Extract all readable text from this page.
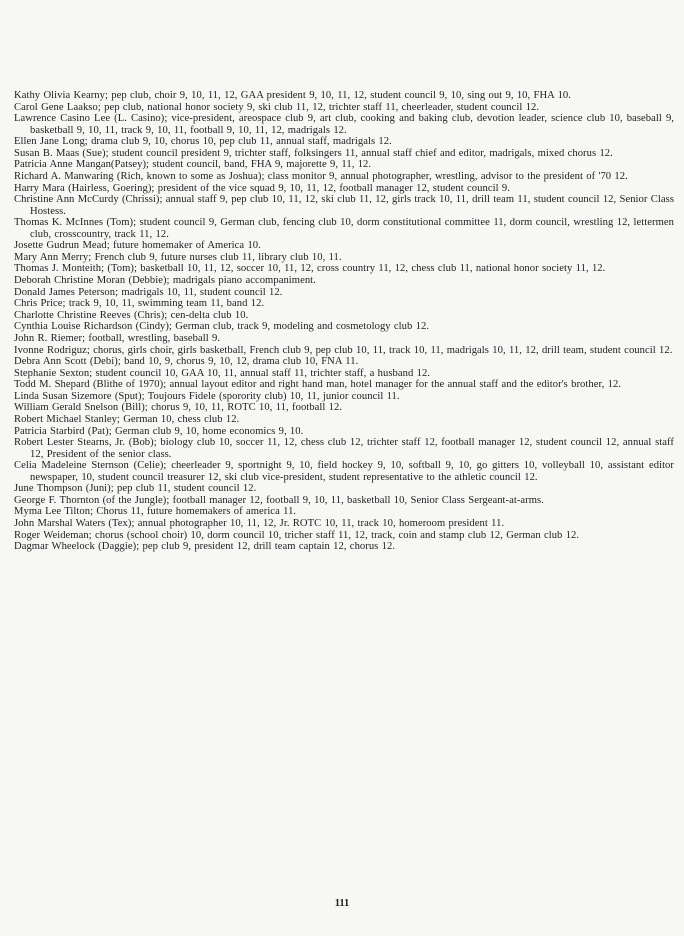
Kathy Olivia Kearny; pep club, choir 9, 10, 11, 12, GAA president 9, 10, 11, 12, student council 9, 10, sing out 9, 10, FHA 10.
Carol Gene Laakso; pep club, national honor society 9, ski club 11, 12, trichter staff 11, cheerleader, student council 12.
Lawrence Casino Lee (L. Casino); vice-president, areospace club 9, art club, cooking and baking club, devotion leader, science club 10, baseball 9, basketball 9, 10, 11, track 9, 10, 11, football 9, 10, 11, 12, madrigals 12.
Ellen Jane Long; drama club 9, 10, chorus 10, pep club 11, annual staff, madrigals 12.
Susan B. Maas (Sue); student council president 9, trichter staff, folksingers 11, annual staff chief and editor, madrigals, mixed chorus 12.
Patricia Anne Mangan(Patsey); student council, band, FHA 9, majorette 9, 11, 12.
Richard A. Manwaring (Rich, known to some as Joshua); class monitor 9, annual photographer, wrestling, advisor to the president of '70 12.
Harry Mara (Hairless, Goering); president of the vice squad 9, 10, 11, 12, football manager 12, student council 9.
Christine Ann McCurdy (Chrissi); annual staff 9, pep club 10, 11, 12, ski club 11, 12, girls track 10, 11, drill team 11, student council 12, Senior Class Hostess.
Thomas K. McInnes (Tom); student council 9, German club, fencing club 10, dorm constitutional committee 11, dorm council, wrestling 12, lettermen club, crosscountry, track 11, 12.
Josette Gudrun Mead; future homemaker of America 10.
Mary Ann Merry; French club 9, future nurses club 11, library club 10, 11.
Thomas J. Monteith; (Tom); basketball 10, 11, 12, soccer 10, 11, 12, cross country 11, 12, chess club 11, national honor society 11, 12.
Deborah Christine Moran (Debbie); madrigals piano accompaniment.
Donald James Peterson; madrigals 10, 11, student council 12.
Chris Price; track 9, 10, 11, swimming team 11, band 12.
Charlotte Christine Reeves (Chris); cen-delta club 10.
Cynthia Louise Richardson (Cindy); German club, track 9, modeling and cosmetology club 12.
John R. Riemer; football, wrestling, baseball 9.
Ivonne Rodriguz; chorus, girls choir, girls basketball, French club 9, pep club 10, 11, track 10, 11, madrigals 10, 11, 12, drill team, student council 12.
Debra Ann Scott (Debi); band 10, 9, chorus 9, 10, 12, drama club 10, FNA 11.
Stephanie Sexton; student council 10, GAA 10, 11, annual staff 11, trichter staff, a husband 12.
Todd M. Shepard (Blithe of 1970); annual layout editor and right hand man, hotel manager for the annual staff and the editor's brother, 12.
Linda Susan Sizemore (Sput); Toujours Fidele (sporority club) 10, 11, junior council 11.
William Gerald Snelson (Bill); chorus 9, 10, 11, ROTC 10, 11, football 12.
Robert Michael Stanley; German 10, chess club 12.
Patricia Starbird (Pat); German club 9, 10, home economics 9, 10.
Robert Lester Stearns, Jr. (Bob); biology club 10, soccer 11, 12, chess club 12, trichter staff 12, football manager 12, student council 12, annual staff 12, President of the senior class.
Celia Madeleine Sternson (Celie); cheerleader 9, sportnight 9, 10, field hockey 9, 10, softball 9, 10, go gitters 10, volleyball 10, assistant editor newspaper, 10, student council treasurer 12, ski club vice-president, student representative to the athletic council 12.
June Thompson (Juni); pep club 11, student council 12.
George F. Thornton (of the Jungle); football manager 12, football 9, 10, 11, basketball 10, Senior Class Sergeant-at-arms.
Myma Lee Tilton; Chorus 11, future homemakers of america 11.
John Marshal Waters (Tex); annual photographer 10, 11, 12, Jr. ROTC 10, 11, track 10, homeroom president 11.
Roger Weideman; chorus (school choir) 10, dorm council 10, tricher staff 11, 12, track, coin and stamp club 12, German club 12.
Dagmar Wheelock (Daggie); pep club 9, president 12, drill team captain 12, chorus 12.
111
